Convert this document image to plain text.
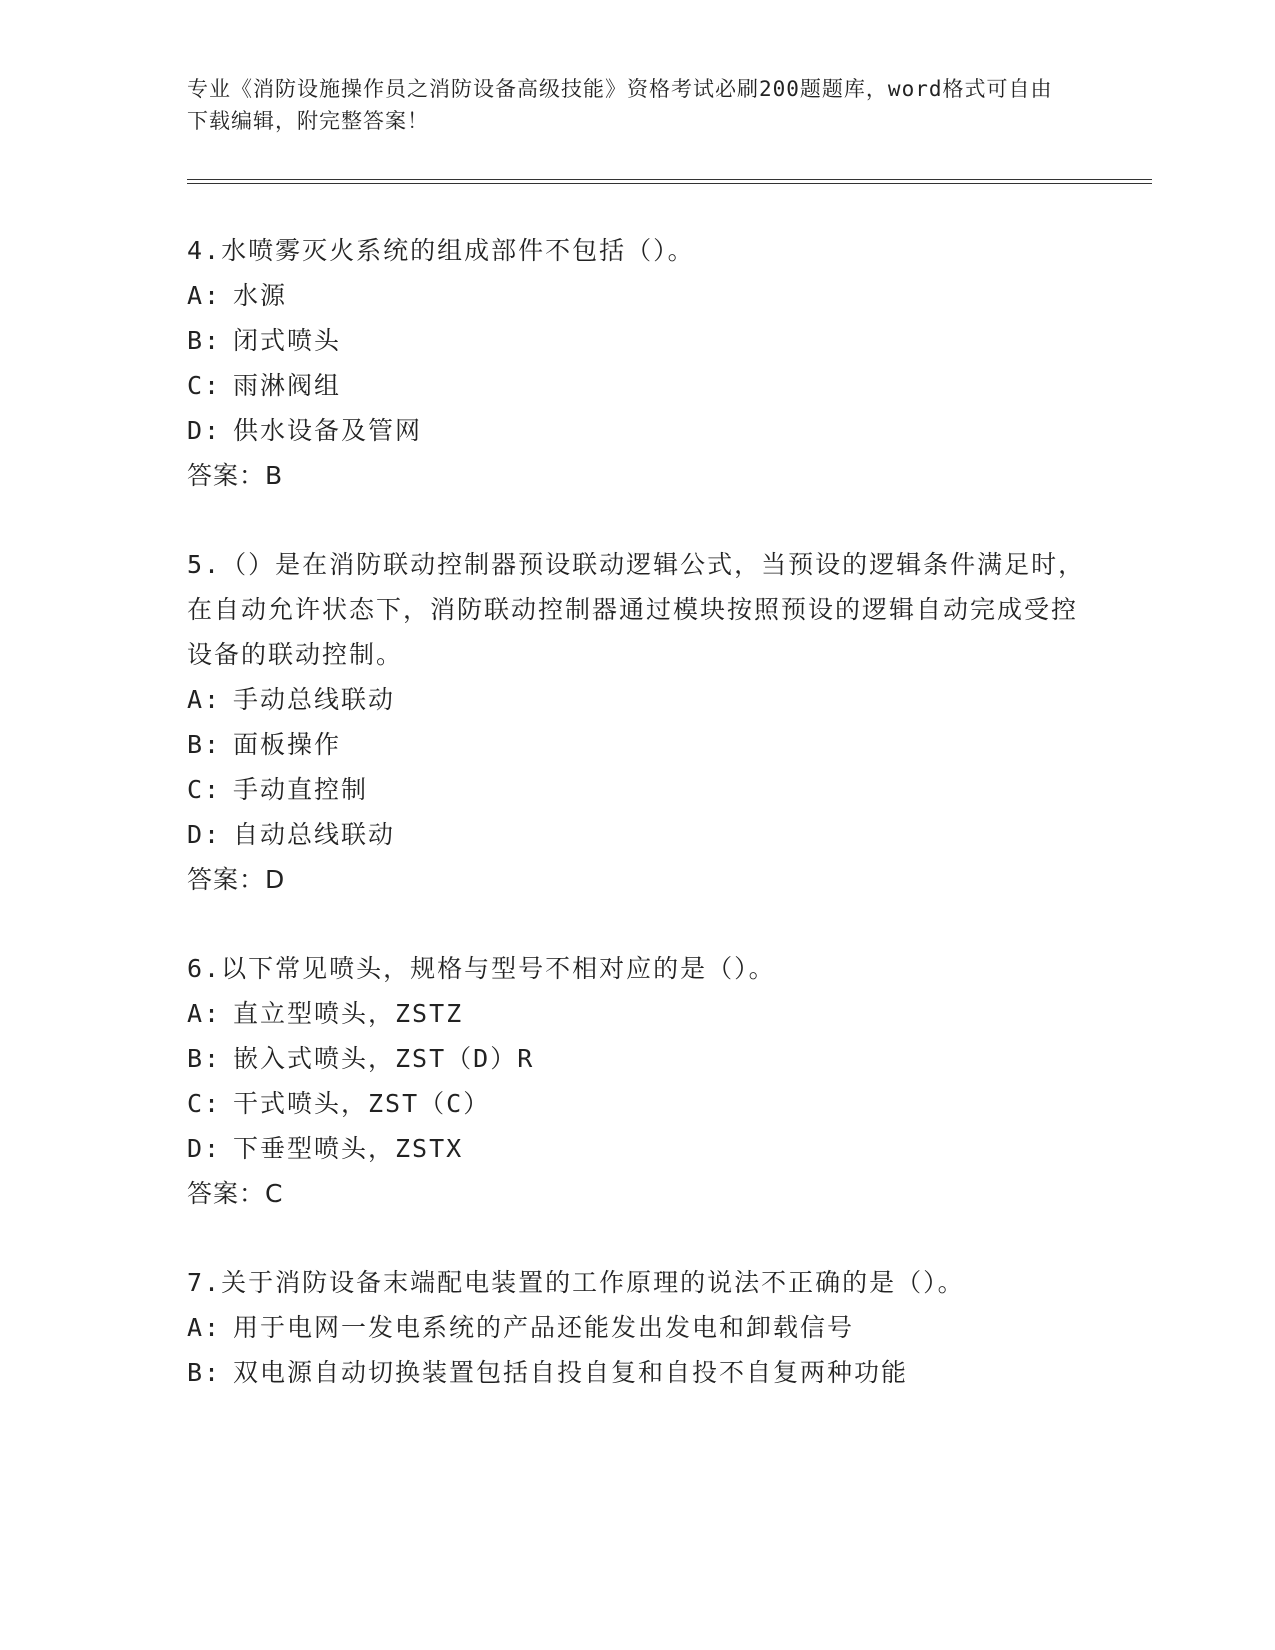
专业《消防设施操作员之消防设备高级技能》资格考试必刷200题题库，word格式可自由下载编辑，附完整答案！

4.水喷雾灭火系统的组成部件不包括（）。

A: 水源

B: 闭式喷头

C: 雨淋阀组

D: 供水设备及管网

答案：B

5.（）是在消防联动控制器预设联动逻辑公式，当预设的逻辑条件满足时，在自动允许状态下，消防联动控制器通过模块按照预设的逻辑自动完成受控设备的联动控制。

A: 手动总线联动

B: 面板操作

C: 手动直控制

D: 自动总线联动

答案：D

6.以下常见喷头，规格与型号不相对应的是（）。

A: 直立型喷头，ZSTZ

B: 嵌入式喷头，ZST（D）R

C: 干式喷头，ZST（C）

D: 下垂型喷头，ZSTX

答案：C

7.关于消防设备末端配电装置的工作原理的说法不正确的是（）。

A: 用于电网一发电系统的产品还能发出发电和卸载信号

B: 双电源自动切换装置包括自投自复和自投不自复两种功能
